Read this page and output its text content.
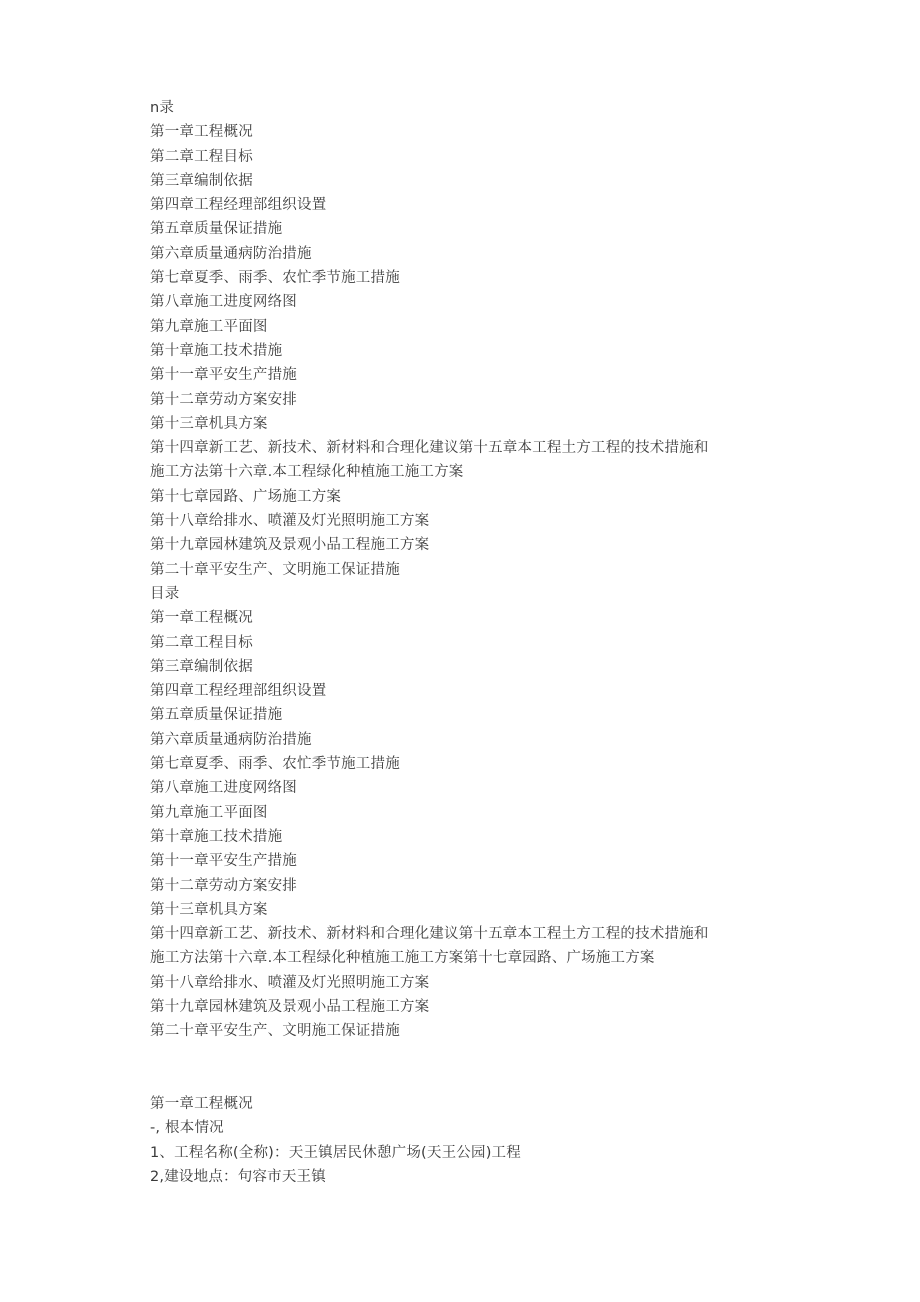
n录
第一章工程概况
第二章工程目标
第三章编制依据
第四章工程经理部组织设置
第五章质量保证措施
第六章质量通病防治措施
第七章夏季、雨季、农忙季节施工措施
第八章施工进度网络图
第九章施工平面图
第十章施工技术措施
第十一章平安生产措施
第十二章劳动方案安排
第十三章机具方案
第十四章新工艺、新技术、新材料和合理化建议第十五章本工程土方工程的技术措施和
施工方法第十六章.本工程绿化种植施工施工方案
第十七章园路、广场施工方案
第十八章给排水、喷灌及灯光照明施工方案
第十九章园林建筑及景观小品工程施工方案
第二十章平安生产、文明施工保证措施
目录
第一章工程概况
第二章工程目标
第三章编制依据
第四章工程经理部组织设置
第五章质量保证措施
第六章质量通病防治措施
第七章夏季、雨季、农忙季节施工措施
第八章施工进度网络图
第九章施工平面图
第十章施工技术措施
第十一章平安生产措施
第十二章劳动方案安排
第十三章机具方案
第十四章新工艺、新技术、新材料和合理化建议第十五章本工程土方工程的技术措施和
施工方法第十六章.本工程绿化种植施工施工方案第十七章园路、广场施工方案
第十八章给排水、喷灌及灯光照明施工方案
第十九章园林建筑及景观小品工程施工方案
第二十章平安生产、文明施工保证措施
第一章工程概况
-, 根本情况
1、工程名称(全称)：天王镇居民休憩广场(天王公园)工程
2,建设地点：句容市天王镇
